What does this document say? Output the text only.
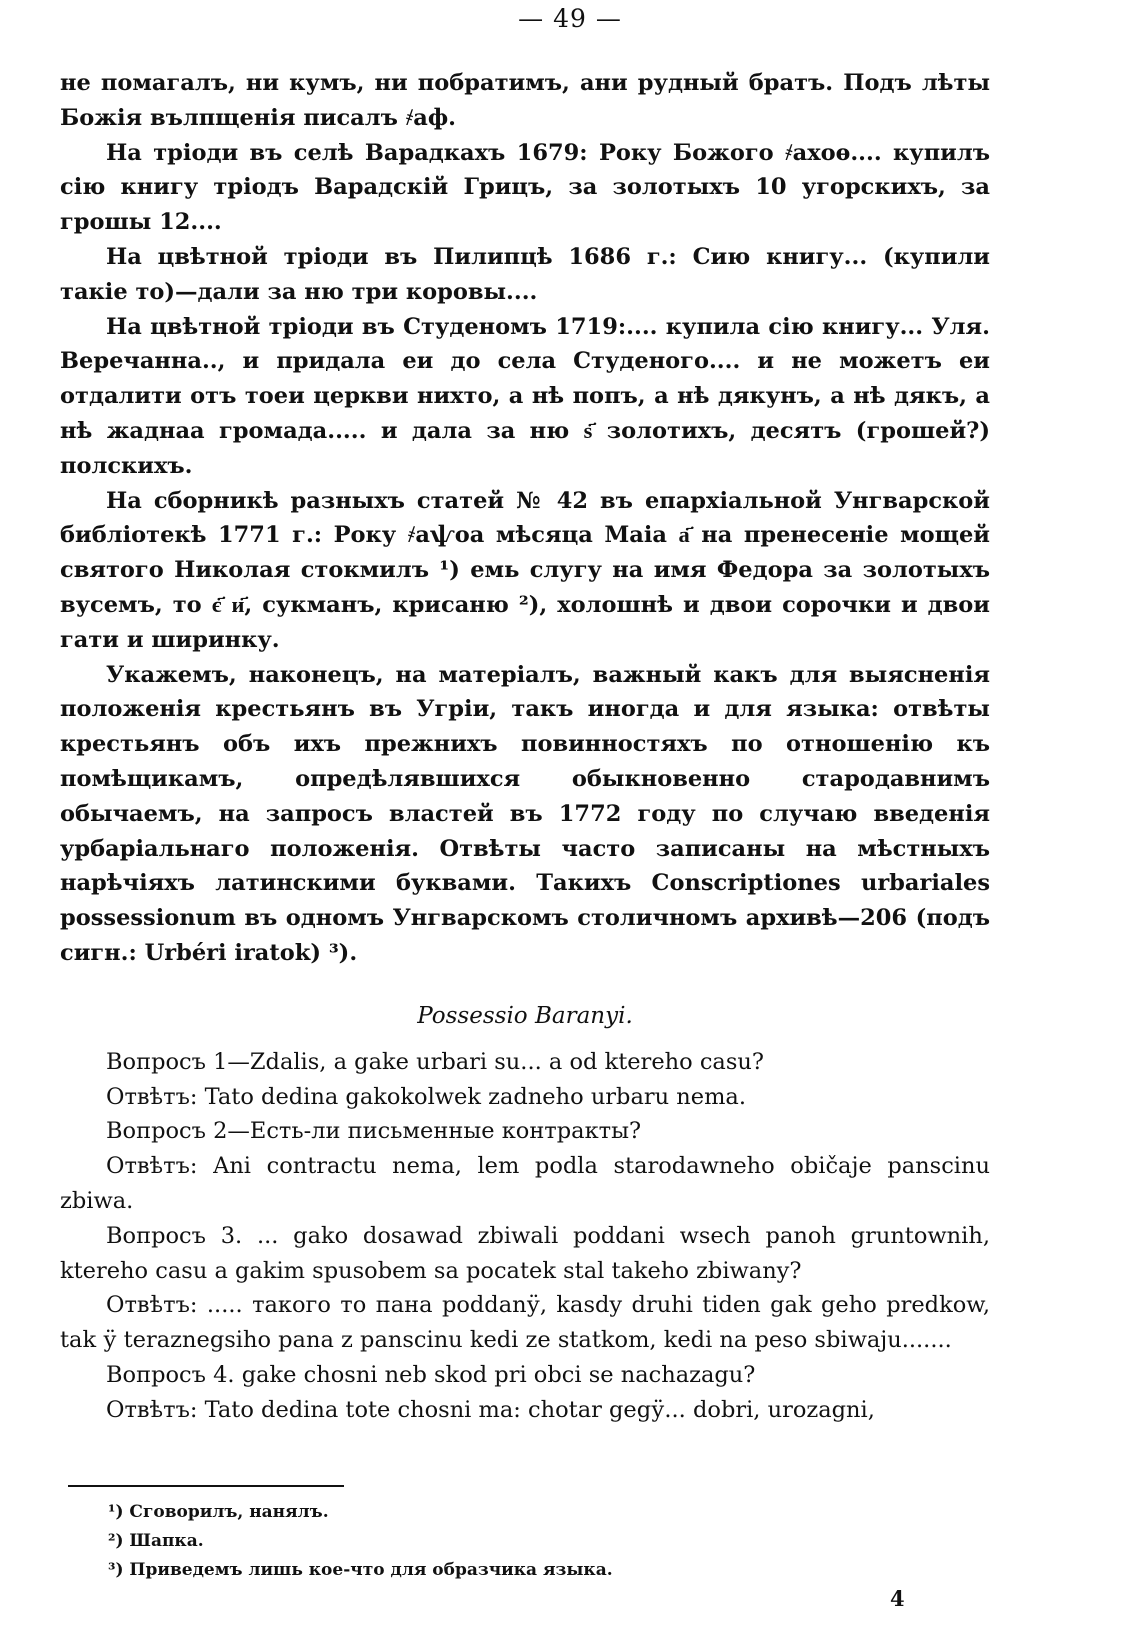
— 49 —

не помагалъ, ни кумъ, ни побратимъ, ани рудный братъ. Подъ лѣты Божія вълпщенія писалъ ҂аф.

На тріоди въ селѣ Варадкахъ 1679: Року Божого ҂ахоѳ.... купилъ сію книгу тріодъ Варадскій Грицъ, за золотыхъ 10 угорскихъ, за грошы 12....

На цвѣтной тріоди въ Пилипцѣ 1686 г.: Сию книгу... (купили такіе то)—дали за ню три коровы....

На цвѣтной тріоди въ Студеномъ 1719:.... купила сію книгу... Уля. Веречанна.., и придала еи до села Студеного.... и не можетъ еи отдалити отъ тоеи церкви нихто, а нѣ попъ, а нѣ дякунъ, а нѣ дякъ, а нѣ жаднаа громада..... и дала за ню ѕ҃ золотихъ, десятъ (грошей?) полскихъ.

На сборникѣ разныхъ статей № 42 въ епархіальной Унгварской библіотекѣ 1771 г.: Року ҂аѱоа мѣсяца Маіа а҃ на пренесеніе мощей святого Николая стокмилъ ¹) емь слугу на имя Федора за золотыхъ вусемъ, то є҃ и҃, сукманъ, крисаню ²), холошнѣ и двои сорочки и двои гати и ширинку.

Укажемъ, наконецъ, на матеріалъ, важный какъ для выясненія положенія крестьянъ въ Угріи, такъ иногда и для языка: отвѣты крестьянъ объ ихъ прежнихъ повинностяхъ по отношенію къ помѣщикамъ, опредѣлявшихся обыкновенно стародавнимъ обычаемъ, на запросъ властей въ 1772 году по случаю введенія урбаріальнаго положенія. Отвѣты часто записаны на мѣстныхъ нарѣчіяхъ латинскими буквами. Такихъ Conscriptiones urbariales possessionum въ одномъ Унгварскомъ столичномъ архивѣ—206 (подъ сигн.: Urbéri iratok) ³).

Possessio Baranyi.

Вопросъ 1—Zdalis, a gake urbari su... a od ktereho casu?

Отвѣтъ: Tato dedina gakokolwek zadneho urbaru nema.

Вопросъ 2—Есть-ли письменные контракты?

Отвѣтъ: Ani contractu nema, lem podla starodawneho običaje panscinu zbiwa.

Вопросъ 3. ... gako dosawad zbiwali poddani wsech panoh gruntownih, ktereho casu a gakim spusobem sa pocatek stal takeho zbiwany?

Отвѣтъ: ..... такого то пана poddanӱ, kasdy druhi tiden gak geho predkow, tak ӱ teraznegsiho pana z panscinu kedi ze statkom, kedi na peso sbiwaju.......

Вопросъ 4. gake chosni neb skod pri obci se nachazagu?

Отвѣтъ: Tato dedina tote chosni ma: chotar gegӱ... dobri, urozagni,

¹) Сговорилъ, нанялъ.

²) Шапка.

³) Приведемъ лишь кое-что для образчика языка.

4
